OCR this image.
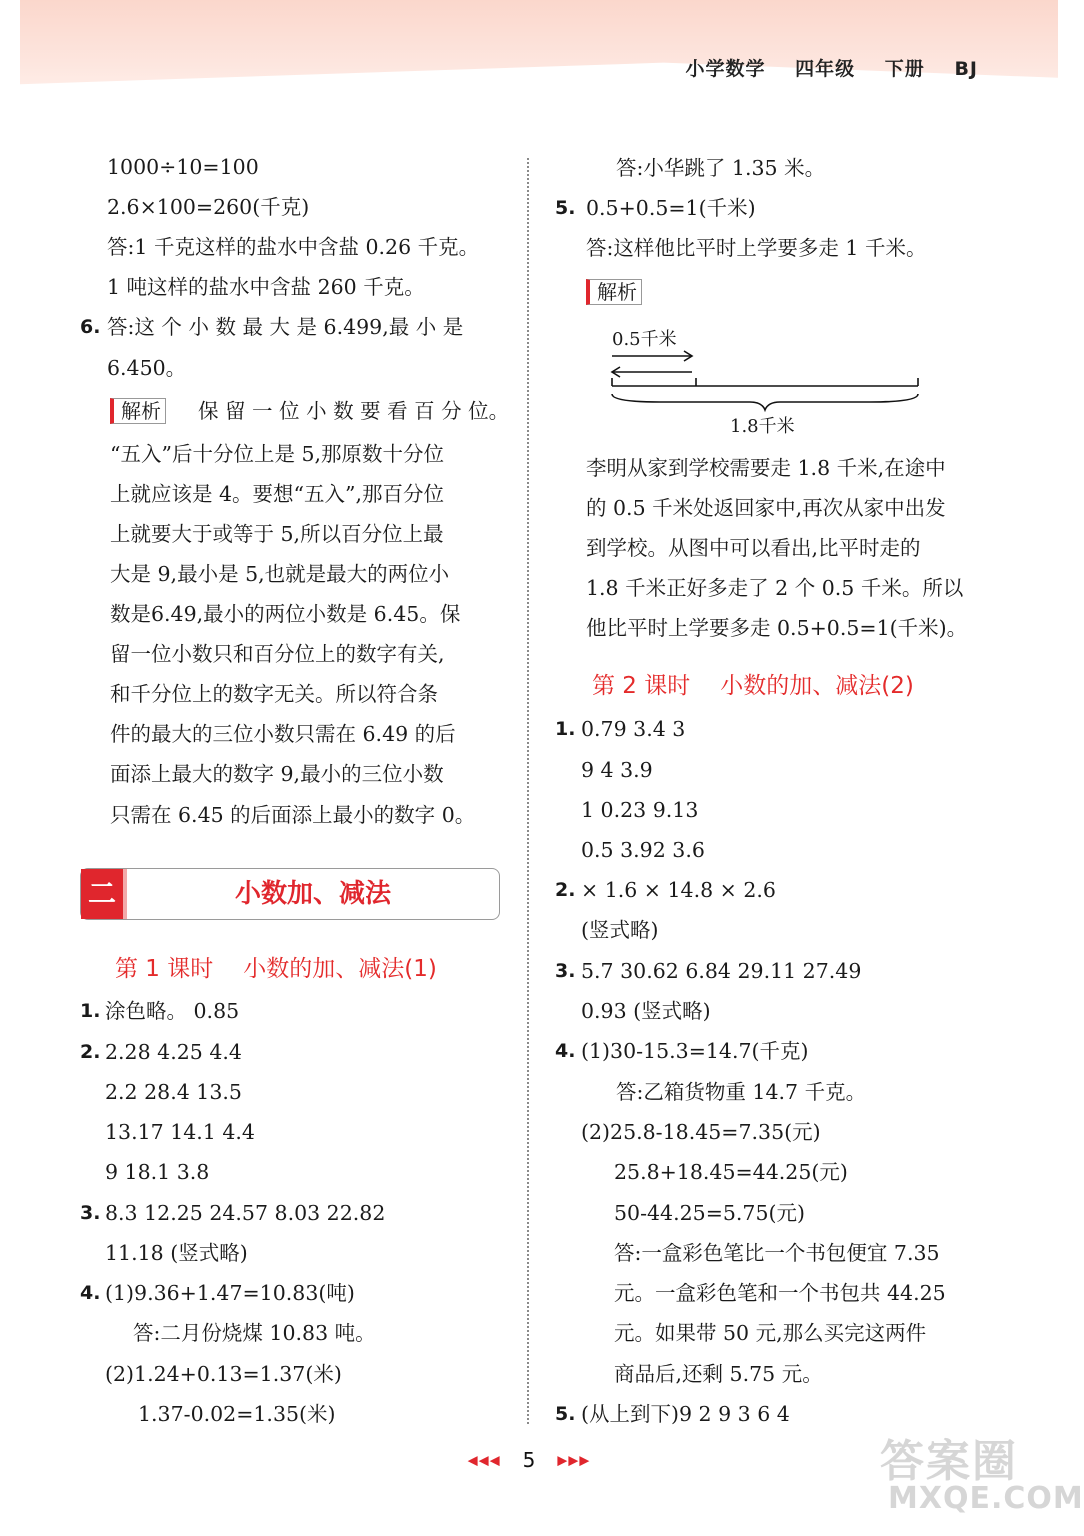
小学数学 四年级 下册 BJ
1000÷10=100
2.6×100=260(千克)
答:1 千克这样的盐水中含盐 0.26 千克。
1 吨这样的盐水中含盐 260 千克。
6. 答:这 个 小 数 最 大 是 6.499,最 小 是
6.450。
解析 保 留 一 位 小 数 要 看 百 分 位。
“五入”后十分位上是 5,那原数十分位
上就应该是 4。要想“五入”,那百分位
上就要大于或等于 5,所以百分位上最
大是 9,最小是 5,也就是最大的两位小
数是6.49,最小的两位小数是 6.45。保
留一位小数只和百分位上的数字有关,
和千分位上的数字无关。所以符合条
件的最大的三位小数只需在 6.49 的后
面添上最大的数字 9,最小的三位小数
只需在 6.45 的后面添上最小的数字 0。
二	小数加、减法
第 1 课时 小数的加、减法(1)
1. 涂色略。 0.85
2. 2.28 4.25 4.4
2.2 28.4 13.5
13.17 14.1 4.4
9 18.1 3.8
3. 8.3 12.25 24.57 8.03 22.82
11.18 (竖式略)
4. (1)9.36+1.47=10.83(吨)
答:二月份烧煤 10.83 吨。
(2)1.24+0.13=1.37(米)
1.37-0.02=1.35(米)
答:小华跳了 1.35 米。
5. 0.5+0.5=1(千米)
答:这样他比平时上学要多走 1 千米。
解析
0.5千米
1.8千米
李明从家到学校需要走 1.8 千米,在途中
的 0.5 千米处返回家中,再次从家中出发
到学校。从图中可以看出,比平时走的
1.8 千米正好多走了 2 个 0.5 千米。所以
他比平时上学要多走 0.5+0.5=1(千米)。
第 2 课时 小数的加、减法(2)
1. 0.79 3.4 3
9 4 3.9
1 0.23 9.13
0.5 3.92 3.6
2. × 1.6 × 14.8 × 2.6
(竖式略)
3. 5.7 30.62 6.84 29.11 27.49
0.93 (竖式略)
4. (1)30-15.3=14.7(千克)
答:乙箱货物重 14.7 千克。
(2)25.8-18.45=7.35(元)
25.8+18.45=44.25(元)
50-44.25=5.75(元)
答:一盒彩色笔比一个书包便宜 7.35
元。一盒彩色笔和一个书包共 44.25
元。如果带 50 元,那么买完这两件
商品后,还剩 5.75 元。
5. (从上到下)9 2 9 3 6 4
◀◀◀ 5 ▶▶▶	答案圈
MXQE.COM
